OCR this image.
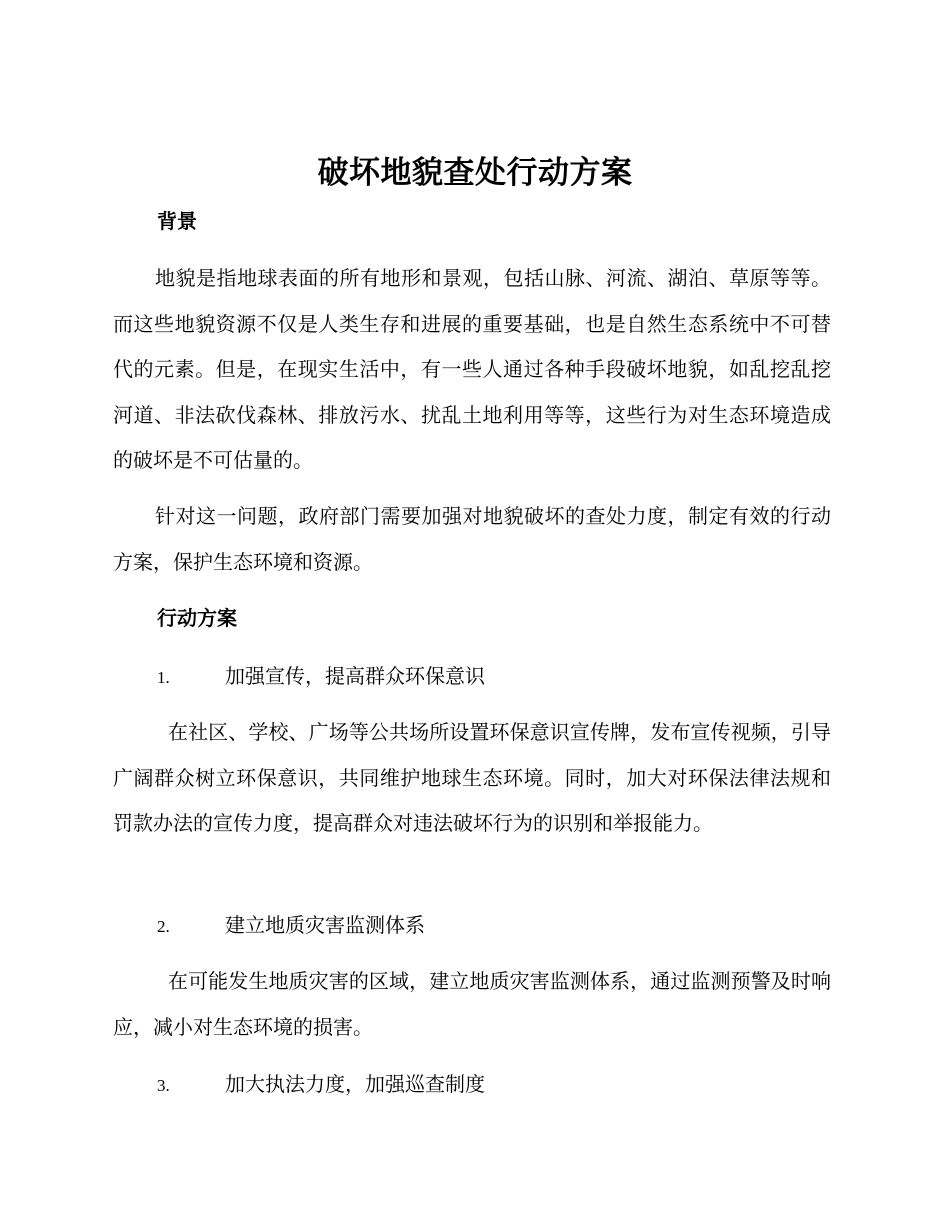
破坏地貌查处行动方案
背景

地貌是指地球表面的所有地形和景观，包括山脉、河流、湖泊、草原等等。而这些地貌资源不仅是人类生存和进展的重要基础，也是自然生态系统中不可替代的元素。但是，在现实生活中，有一些人通过各种手段破坏地貌，如乱挖乱挖河道、非法砍伐森林、排放污水、扰乱土地利用等等，这些行为对生态环境造成的破坏是不可估量的。

针对这一问题，政府部门需要加强对地貌破坏的查处力度，制定有效的行动方案，保护生态环境和资源。

行动方案
1.	加强宣传，提高群众环保意识

在社区、学校、广场等公共场所设置环保意识宣传牌，发布宣传视频，引导广阔群众树立环保意识，共同维护地球生态环境。同时，加大对环保法律法规和罚款办法的宣传力度，提高群众对违法破坏行为的识别和举报能力。

2.	建立地质灾害监测体系

在可能发生地质灾害的区域，建立地质灾害监测体系，通过监测预警及时响应，减小对生态环境的损害。

3.	加大执法力度，加强巡查制度
